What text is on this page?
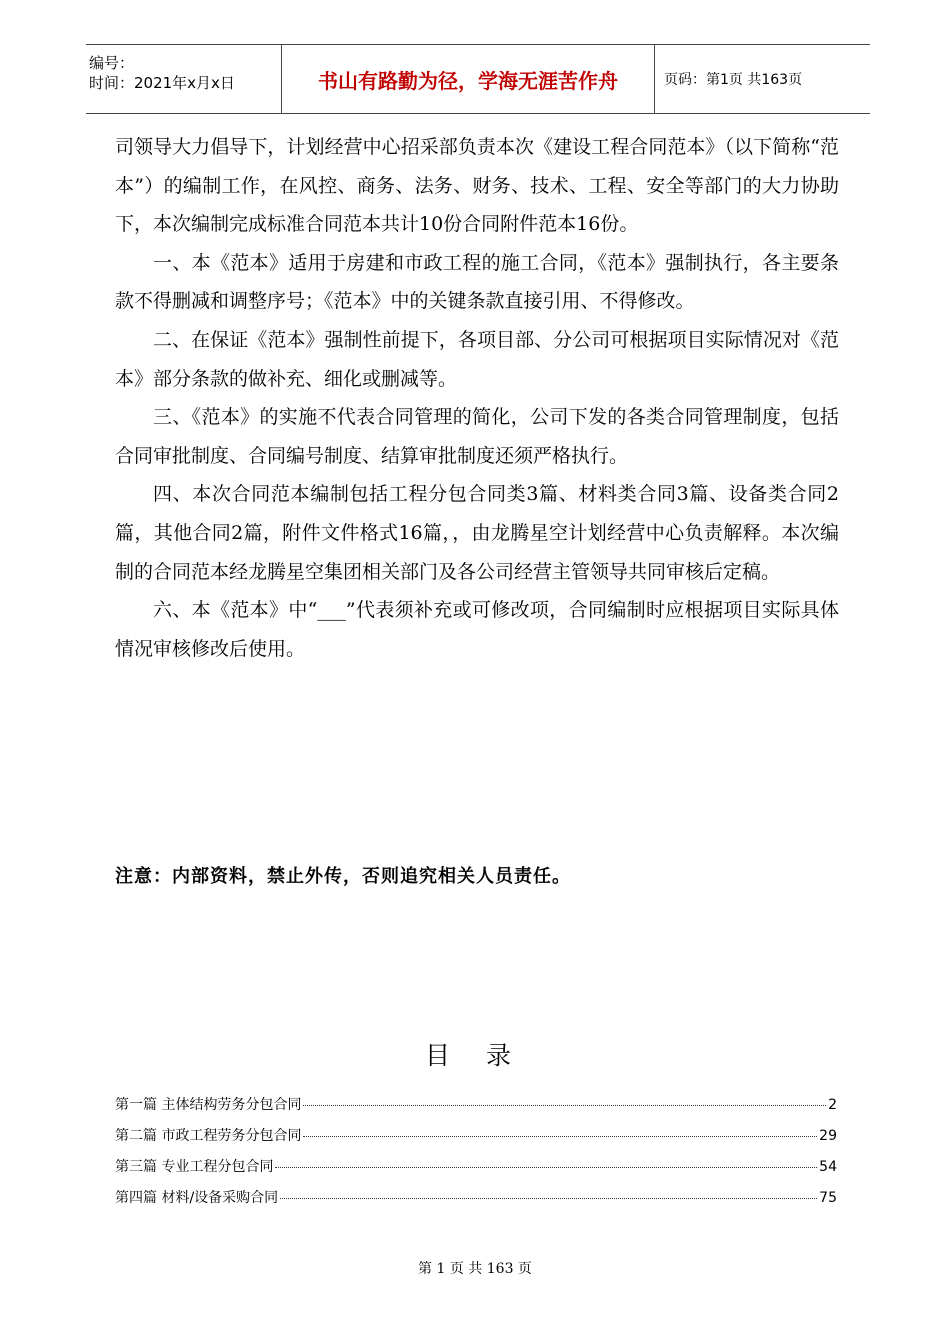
编号：
时间：2021年x月x日	书山有路勤为径，学海无涯苦作舟	页码：第1页 共163页

司领导大力倡导下，计划经营中心招采部负责本次《建设工程合同范本》（以下简称“范本”）的编制工作，在风控、商务、法务、财务、技术、工程、安全等部门的大力协助下，本次编制完成标准合同范本共计10份合同附件范本16份。

一、本《范本》适用于房建和市政工程的施工合同，《范本》强制执行，各主要条款不得删减和调整序号；《范本》中的关键条款直接引用、不得修改。

二、在保证《范本》强制性前提下，各项目部、分公司可根据项目实际情况对《范本》部分条款的做补充、细化或删减等。

三、《范本》的实施不代表合同管理的简化，公司下发的各类合同管理制度，包括合同审批制度、合同编号制度、结算审批制度还须严格执行。

四、本次合同范本编制包括工程分包合同类3篇、材料类合同3篇、设备类合同2篇，其他合同2篇，附件文件格式16篇，，由龙腾星空计划经营中心负责解释。本次编制的合同范本经龙腾星空集团相关部门及各公司经营主管领导共同审核后定稿。

六、本《范本》中“___”代表须补充或可修改项，合同编制时应根据项目实际具体情况审核修改后使用。

注意：内部资料，禁止外传，否则追究相关人员责任。
目 录
第一篇 主体结构劳务分包合同	2
第二篇 市政工程劳务分包合同	29
第三篇 专业工程分包合同	54
第四篇 材料/设备采购合同	75
第 1 页 共 163 页
